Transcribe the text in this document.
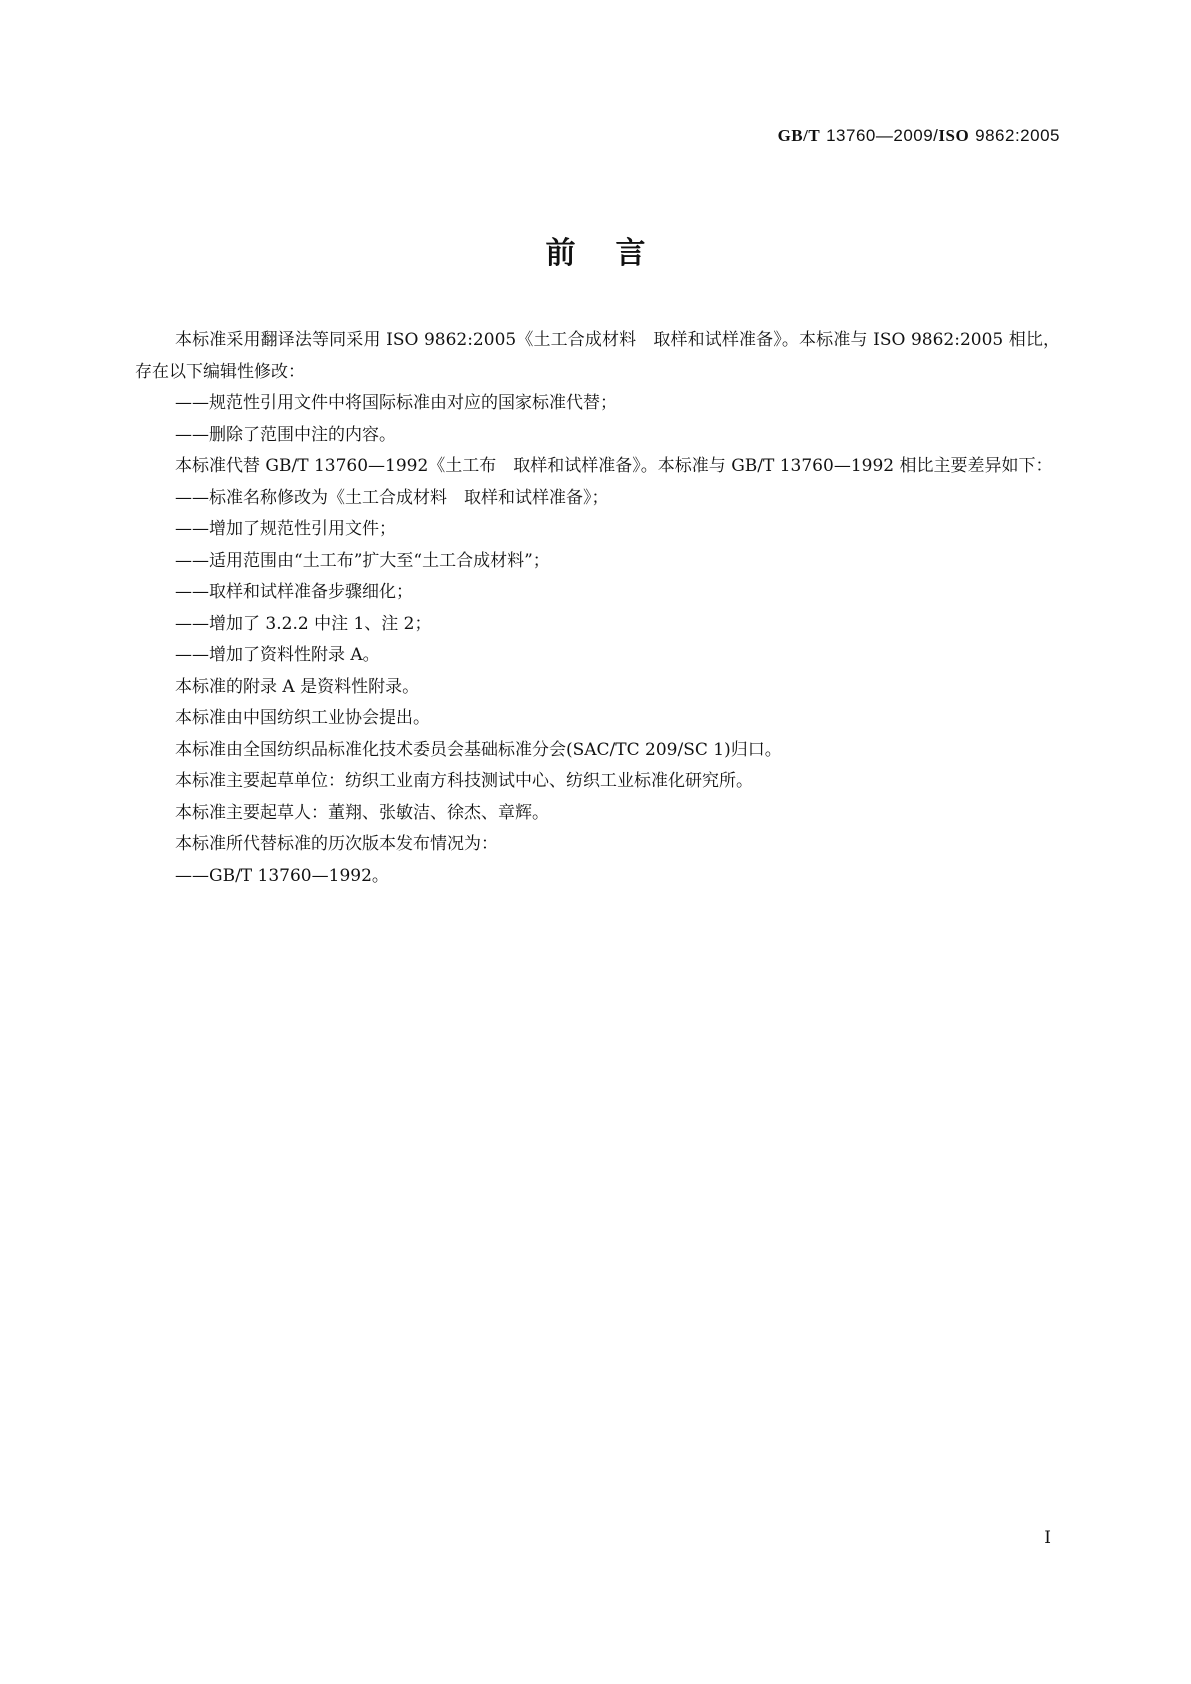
GB/T 13760—2009/ISO 9862:2005
前言

本标准采用翻译法等同采用 ISO 9862:2005《土工合成材料　取样和试样准备》。本标准与 ISO 9862:2005 相比，存在以下编辑性修改：

——规范性引用文件中将国际标准由对应的国家标准代替；

——删除了范围中注的内容。

本标准代替 GB/T 13760—1992《土工布　取样和试样准备》。本标准与 GB/T 13760—1992 相比主要差异如下：

——标准名称修改为《土工合成材料　取样和试样准备》；

——增加了规范性引用文件；

——适用范围由“土工布”扩大至“土工合成材料”；

——取样和试样准备步骤细化；

——增加了 3.2.2 中注 1、注 2；

——增加了资料性附录 A。

本标准的附录 A 是资料性附录。

本标准由中国纺织工业协会提出。

本标准由全国纺织品标准化技术委员会基础标准分会(SAC/TC 209/SC 1)归口。

本标准主要起草单位：纺织工业南方科技测试中心、纺织工业标准化研究所。

本标准主要起草人：董翔、张敏洁、徐杰、章辉。

本标准所代替标准的历次版本发布情况为：

——GB/T 13760—1992。

I
